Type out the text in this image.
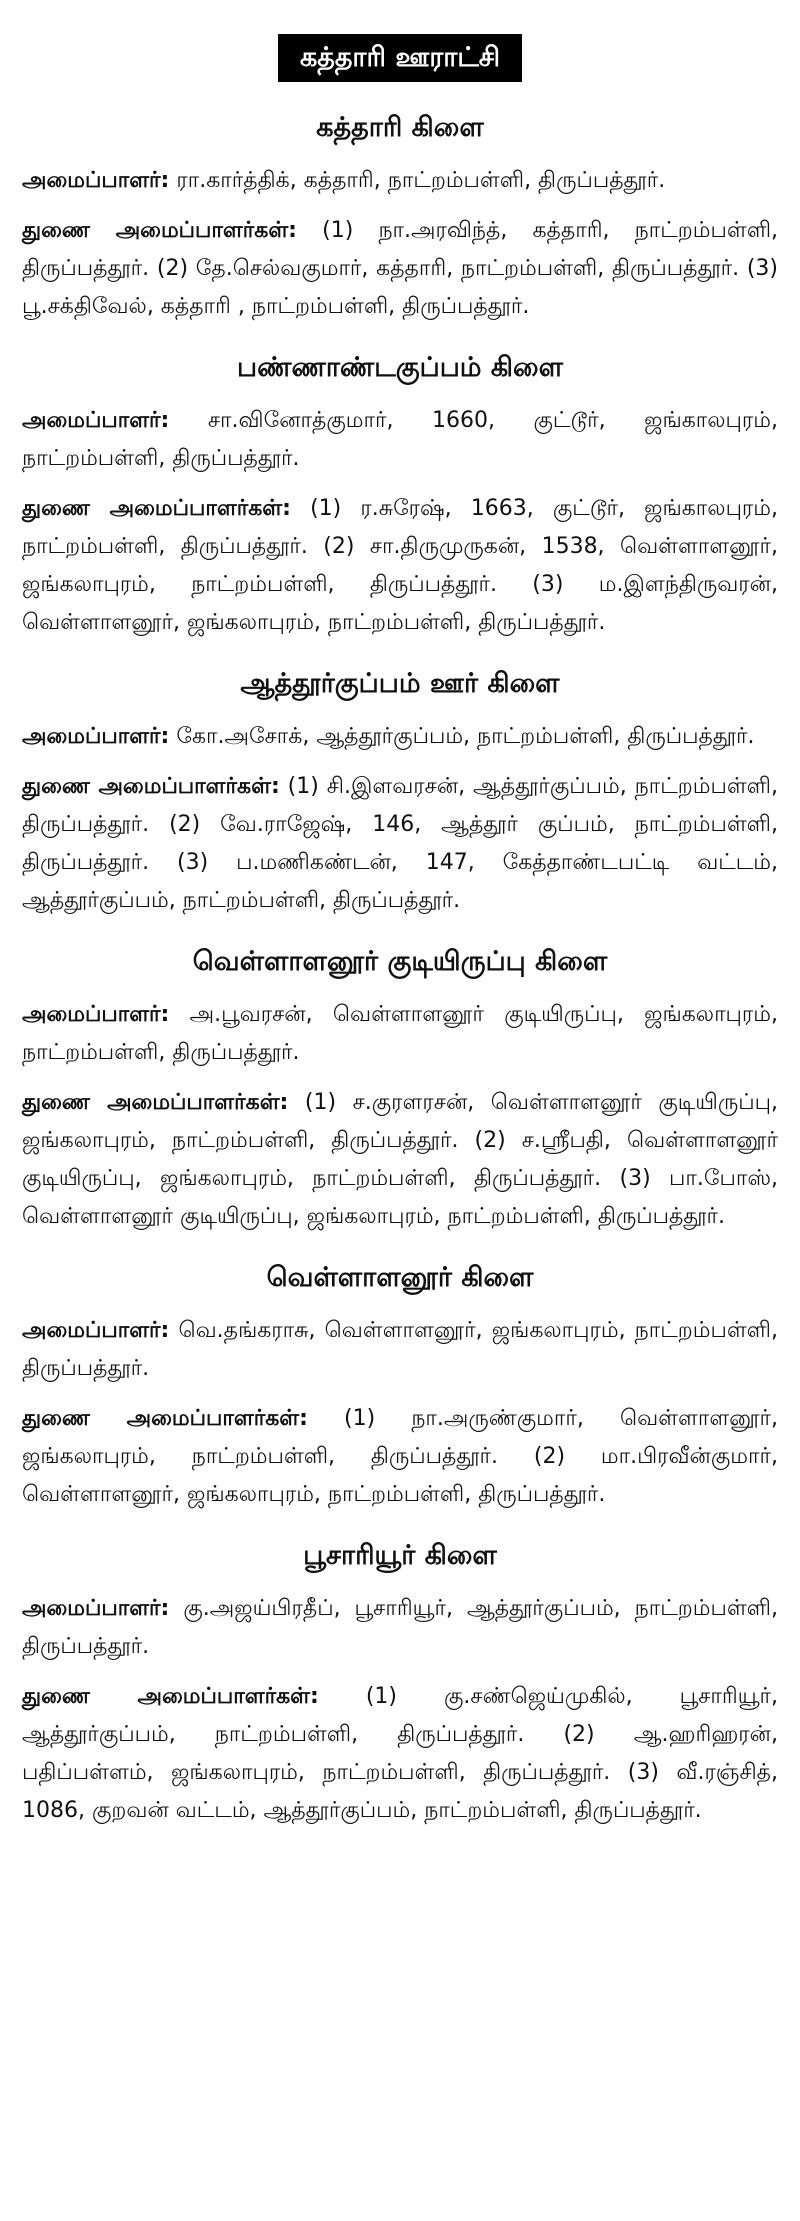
கத்தாரி ஊராட்சி
கத்தாரி கிளை

அமைப்பாளர்: ரா.கார்த்திக், கத்தாரி, நாட்றம்பள்ளி, திருப்பத்தூர்.

துணை அமைப்பாளர்கள்: (1) நா.அரவிந்த், கத்தாரி, நாட்றம்பள்ளி, திருப்பத்தூர். (2) தே.செல்வகுமார், கத்தாரி, நாட்றம்பள்ளி, திருப்பத்தூர். (3) பூ.சக்திவேல், கத்தாரி , நாட்றம்பள்ளி, திருப்பத்தூர்.

பண்ணாண்டகுப்பம் கிளை

அமைப்பாளர்: சா.வினோத்குமார், 1660, குட்டூர், ஜங்காலபுரம், நாட்றம்பள்ளி, திருப்பத்தூர்.

துணை அமைப்பாளர்கள்: (1) ர.சுரேஷ், 1663, குட்டூர், ஜங்காலபுரம், நாட்றம்பள்ளி, திருப்பத்தூர். (2) சா.திருமுருகன், 1538, வெள்ளாளனூர், ஜங்கலாபுரம், நாட்றம்பள்ளி, திருப்பத்தூர். (3) ம.இளந்திருவரன், வெள்ளாளனூர், ஜங்கலாபுரம், நாட்றம்பள்ளி, திருப்பத்தூர்.

ஆத்தூர்குப்பம் ஊர் கிளை

அமைப்பாளர்: கோ.அசோக், ஆத்தூர்குப்பம், நாட்றம்பள்ளி, திருப்பத்தூர்.

துணை அமைப்பாளர்கள்: (1) சி.இளவரசன், ஆத்தூர்குப்பம், நாட்றம்பள்ளி, திருப்பத்தூர். (2) வே.ராஜேஷ், 146, ஆத்தூர் குப்பம், நாட்றம்பள்ளி, திருப்பத்தூர். (3) ப.மணிகண்டன், 147, கேத்தாண்டபட்டி வட்டம், ஆத்தூர்குப்பம், நாட்றம்பள்ளி, திருப்பத்தூர்.

வெள்ளாளனூர் குடியிருப்பு கிளை

அமைப்பாளர்: அ.பூவரசன், வெள்ளாளனூர் குடியிருப்பு, ஜங்கலாபுரம், நாட்றம்பள்ளி, திருப்பத்தூர்.

துணை அமைப்பாளர்கள்: (1) ச.குரளரசன், வெள்ளாளனூர் குடியிருப்பு, ஜங்கலாபுரம், நாட்றம்பள்ளி, திருப்பத்தூர். (2) ச.ஸ்ரீபதி, வெள்ளாளனூர் குடியிருப்பு, ஜங்கலாபுரம், நாட்றம்பள்ளி, திருப்பத்தூர். (3) பா.போஸ், வெள்ளாளனூர் குடியிருப்பு, ஜங்கலாபுரம், நாட்றம்பள்ளி, திருப்பத்தூர்.

வெள்ளாளனூர் கிளை

அமைப்பாளர்: வெ.தங்கராசு, வெள்ளாளனூர், ஜங்கலாபுரம், நாட்றம்பள்ளி, திருப்பத்தூர்.

துணை அமைப்பாளர்கள்: (1) நா.அருண்குமார், வெள்ளாளனூர், ஜங்கலாபுரம், நாட்றம்பள்ளி, திருப்பத்தூர். (2) மா.பிரவீன்குமார், வெள்ளாளனூர், ஜங்கலாபுரம், நாட்றம்பள்ளி, திருப்பத்தூர்.

பூசாரியூர் கிளை

அமைப்பாளர்: கு.அஜய்பிரதீப், பூசாரியூர், ஆத்தூர்குப்பம், நாட்றம்பள்ளி, திருப்பத்தூர்.

துணை அமைப்பாளர்கள்: (1) கு.சண்ஜெய்முகில், பூசாரியூர், ஆத்தூர்குப்பம், நாட்றம்பள்ளி, திருப்பத்தூர். (2) ஆ.ஹரிஹரன், பதிப்பள்ளம், ஜங்கலாபுரம், நாட்றம்பள்ளி, திருப்பத்தூர். (3) வீ.ரஞ்சித், 1086, குறவன் வட்டம், ஆத்தூர்குப்பம், நாட்றம்பள்ளி, திருப்பத்தூர்.
